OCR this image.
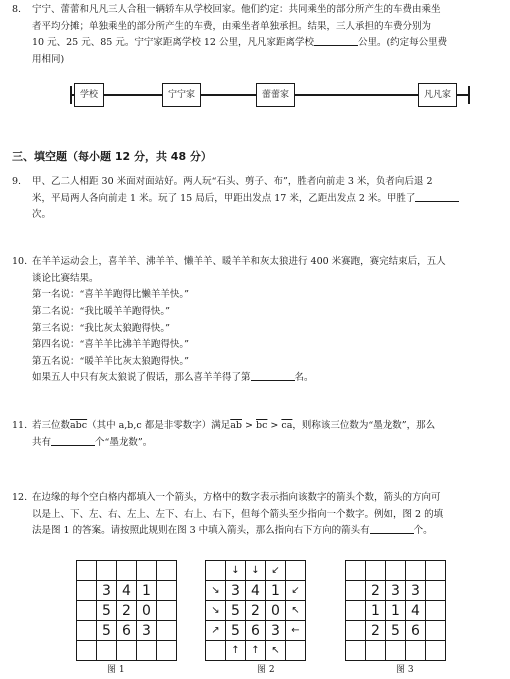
8. 宁宁、蕾蕾和凡凡三人合租一辆轿车从学校回家。他们约定：共同乘坐的部分所产生的车费由乘坐
者平均分摊；单独乘坐的部分所产生的车费，由乘坐者单独承担。结果，三人承担的车费分别为
10 元、25 元、85 元。宁宁家距离学校 12 公里，凡凡家距离学校	公里。(约定每公里费
用相同)
学校	宁宁家	蕾蕾家	凡凡家
三、填空题（每小题 12 分，共 48 分）
9. 甲、乙二人相距 30 米面对面站好。两人玩“石头、剪子、布”，胜者向前走 3 米，负者向后退 2
米，平局两人各向前走 1 米。玩了 15 局后，甲距出发点 17 米，乙距出发点 2 米。甲胜了
次。
10. 在羊羊运动会上，喜羊羊、沸羊羊、懒羊羊、暖羊羊和灰太狼进行 400 米赛跑，赛完结束后，五人
谈论比赛结果。
第一名说：“喜羊羊跑得比懒羊羊快。”
第二名说：“我比暖羊羊跑得快。”
第三名说：“我比灰太狼跑得快。”
第四名说：“喜羊羊比沸羊羊跑得快。”
第五名说：“暖羊羊比灰太狼跑得快。”
如果五人中只有灰太狼说了假话，那么喜羊羊得了第	名。
11. 若三位数$\overline{abc}$（其中 a,b,c 都是非零数字）满足$\overline{ab} > \overline{bc} > \overline{ca}$，则称该三位数为“墨龙数”，那么
共有	个“墨龙数”。
12. 在边缘的每个空白格内都填入一个箭头，方格中的数字表示指向该数字的箭头个数，箭头的方向可
以是上、下、左、右、左上、左下、右上、右下，但每个箭头至少指向一个数字。例如，图 2 的填
法是图 1 的答案。请按照此规则在图 3 中填入箭头，那么指向右下方向的箭头有	个。

	3	4	1	
	5	2	0	
	5	6	3	

图 1
	↓	↓	↙	
↘	3	4	1	↙
↘	5	2	0	↖
↗	5	6	3	←
	↑	↑	↖	
图 2

	2	3	3	
	1	1	4	
	2	5	6	

图 3
